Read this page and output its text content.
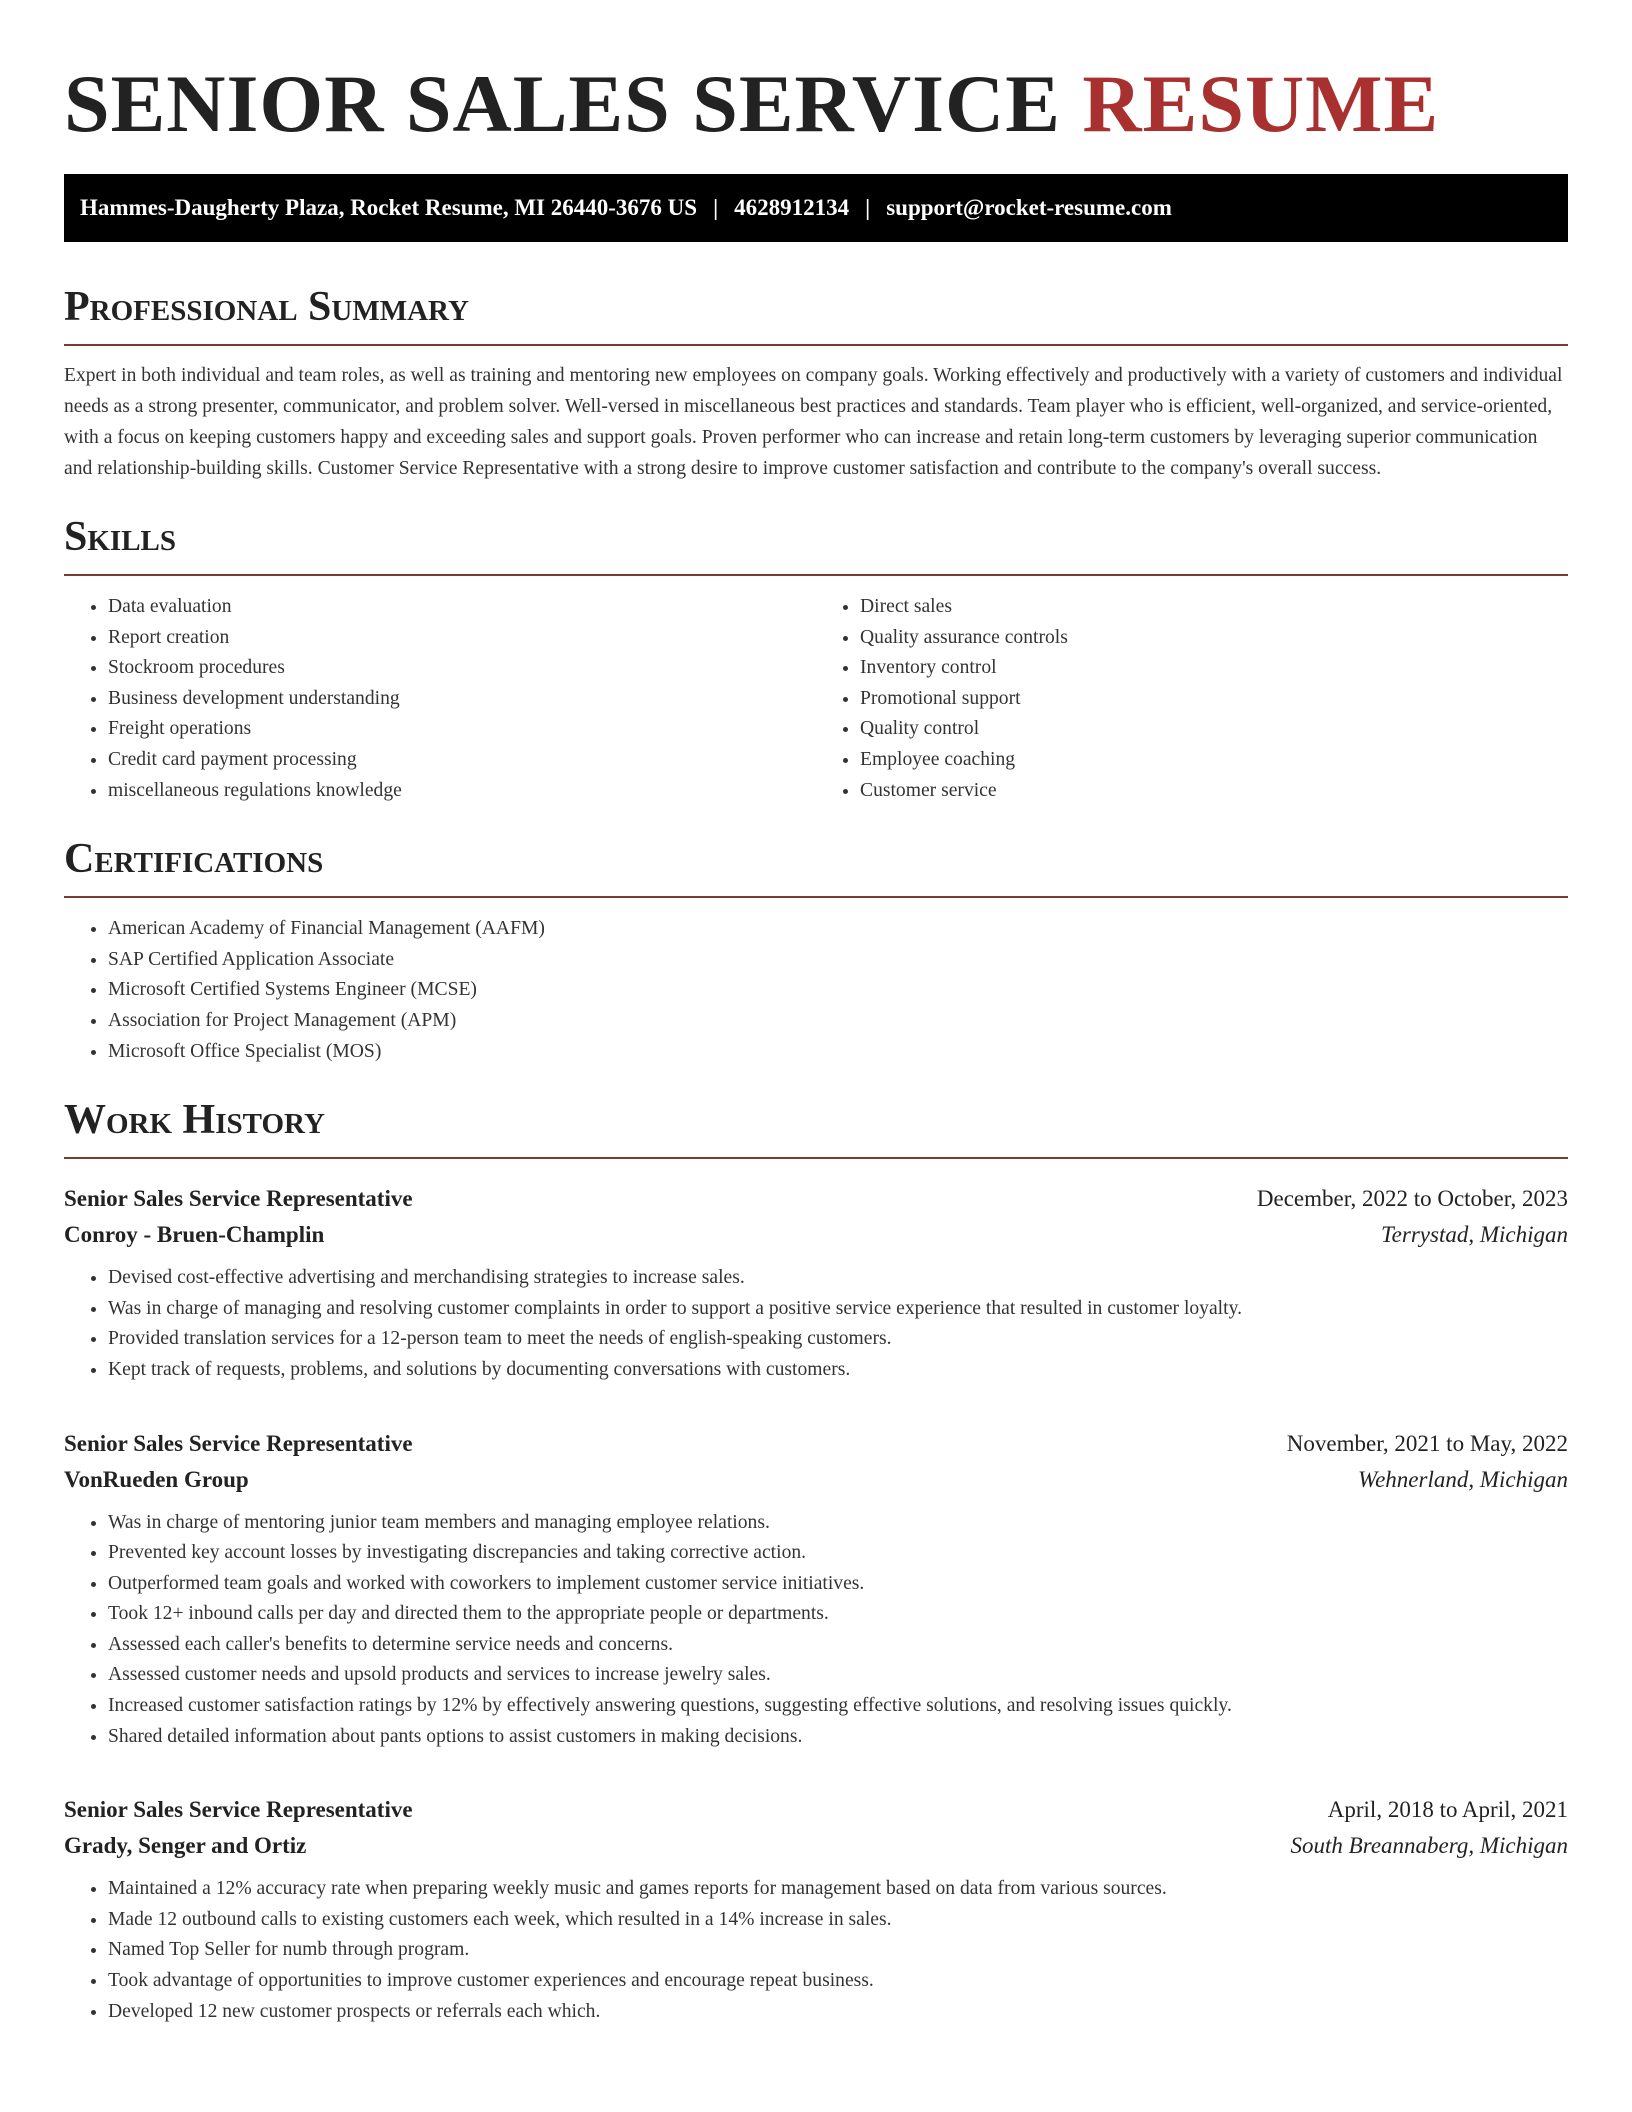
SENIOR SALES SERVICE RESUME
Hammes-Daugherty Plaza, Rocket Resume, MI 26440-3676 US | 4628912134 | support@rocket-resume.com
Professional Summary

Expert in both individual and team roles, as well as training and mentoring new employees on company goals. Working effectively and productively with a variety of customers and individual needs as a strong presenter, communicator, and problem solver. Well-versed in miscellaneous best practices and standards. Team player who is efficient, well-organized, and service-oriented, with a focus on keeping customers happy and exceeding sales and support goals. Proven performer who can increase and retain long-term customers by leveraging superior communication and relationship-building skills. Customer Service Representative with a strong desire to improve customer satisfaction and contribute to the company's overall success.

Skills
• Data evaluation
• Report creation
• Stockroom procedures
• Business development understanding
• Freight operations
• Credit card payment processing
• miscellaneous regulations knowledge
• Direct sales
• Quality assurance controls
• Inventory control
• Promotional support
• Quality control
• Employee coaching
• Customer service
Certifications
• American Academy of Financial Management (AAFM)
• SAP Certified Application Associate
• Microsoft Certified Systems Engineer (MCSE)
• Association for Project Management (APM)
• Microsoft Office Specialist (MOS)
Work History
Senior Sales Service Representative	December, 2022 to October, 2023
Conroy - Bruen-Champlin	Terrystad, Michigan
• Devised cost-effective advertising and merchandising strategies to increase sales.
• Was in charge of managing and resolving customer complaints in order to support a positive service experience that resulted in customer loyalty.
• Provided translation services for a 12-person team to meet the needs of english-speaking customers.
• Kept track of requests, problems, and solutions by documenting conversations with customers.
Senior Sales Service Representative	November, 2021 to May, 2022
VonRueden Group	Wehnerland, Michigan
• Was in charge of mentoring junior team members and managing employee relations.
• Prevented key account losses by investigating discrepancies and taking corrective action.
• Outperformed team goals and worked with coworkers to implement customer service initiatives.
• Took 12+ inbound calls per day and directed them to the appropriate people or departments.
• Assessed each caller's benefits to determine service needs and concerns.
• Assessed customer needs and upsold products and services to increase jewelry sales.
• Increased customer satisfaction ratings by 12% by effectively answering questions, suggesting effective solutions, and resolving issues quickly.
• Shared detailed information about pants options to assist customers in making decisions.
Senior Sales Service Representative	April, 2018 to April, 2021
Grady, Senger and Ortiz	South Breannaberg, Michigan
• Maintained a 12% accuracy rate when preparing weekly music and games reports for management based on data from various sources.
• Made 12 outbound calls to existing customers each week, which resulted in a 14% increase in sales.
• Named Top Seller for numb through program.
• Took advantage of opportunities to improve customer experiences and encourage repeat business.
• Developed 12 new customer prospects or referrals each which.
